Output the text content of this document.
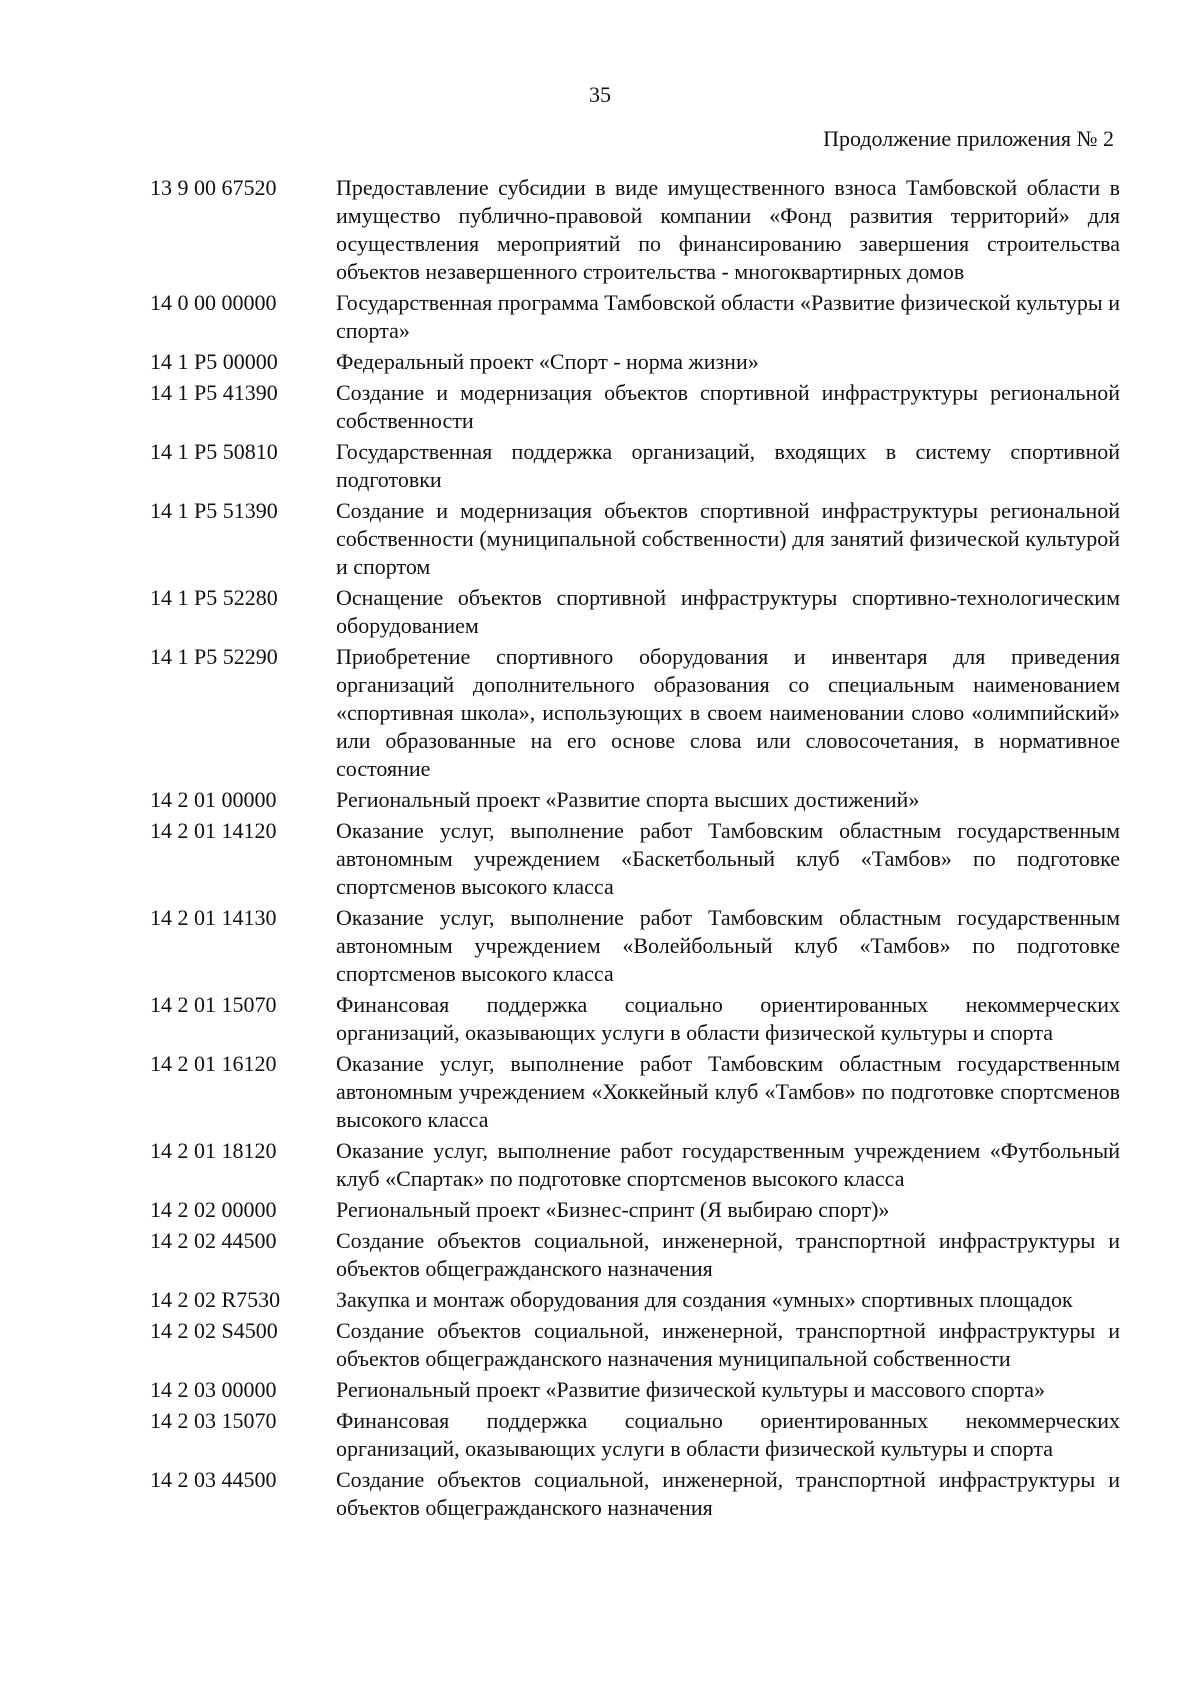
35
Продолжение приложения № 2
13 9 00 67520	Предоставление субсидии в виде имущественного взноса Тамбовской области в имущество публично-правовой компании «Фонд развития территорий» для осуществления мероприятий по финансированию завершения строительства объектов незавершенного строительства - многоквартирных домов
14 0 00 00000	Государственная программа Тамбовской области «Развитие физической культуры и спорта»
14 1 P5 00000	Федеральный проект «Спорт - норма жизни»
14 1 P5 41390	Создание и модернизация объектов спортивной инфраструктуры региональной собственности
14 1 P5 50810	Государственная поддержка организаций, входящих в систему спортивной подготовки
14 1 P5 51390	Создание и модернизация объектов спортивной инфраструктуры региональной собственности (муниципальной собственности) для занятий физической культурой и спортом
14 1 P5 52280	Оснащение объектов спортивной инфраструктуры спортивно-технологическим оборудованием
14 1 P5 52290	Приобретение спортивного оборудования и инвентаря для приведения организаций дополнительного образования со специальным наименованием «спортивная школа», использующих в своем наименовании слово «олимпийский» или образованные на его основе слова или словосочетания, в нормативное состояние
14 2 01 00000	Региональный проект «Развитие спорта высших достижений»
14 2 01 14120	Оказание услуг, выполнение работ Тамбовским областным государственным автономным учреждением «Баскетбольный клуб «Тамбов» по подготовке спортсменов высокого класса
14 2 01 14130	Оказание услуг, выполнение работ Тамбовским областным государственным автономным учреждением «Волейбольный клуб «Тамбов» по подготовке спортсменов высокого класса
14 2 01 15070	Финансовая поддержка социально ориентированных некоммерческих организаций, оказывающих услуги в области физической культуры и спорта
14 2 01 16120	Оказание услуг, выполнение работ Тамбовским областным государственным автономным учреждением «Хоккейный клуб «Тамбов» по подготовке спортсменов высокого класса
14 2 01 18120	Оказание услуг, выполнение работ государственным учреждением «Футбольный клуб «Спартак» по подготовке спортсменов высокого класса
14 2 02 00000	Региональный проект «Бизнес-спринт (Я выбираю спорт)»
14 2 02 44500	Создание объектов социальной, инженерной, транспортной инфраструктуры и объектов общегражданского назначения
14 2 02 R7530	Закупка и монтаж оборудования для создания «умных» спортивных площадок
14 2 02 S4500	Создание объектов социальной, инженерной, транспортной инфраструктуры и объектов общегражданского назначения муниципальной собственности
14 2 03 00000	Региональный проект «Развитие физической культуры и массового спорта»
14 2 03 15070	Финансовая поддержка социально ориентированных некоммерческих организаций, оказывающих услуги в области физической культуры и спорта
14 2 03 44500	Создание объектов социальной, инженерной, транспортной инфраструктуры и объектов общегражданского назначения
